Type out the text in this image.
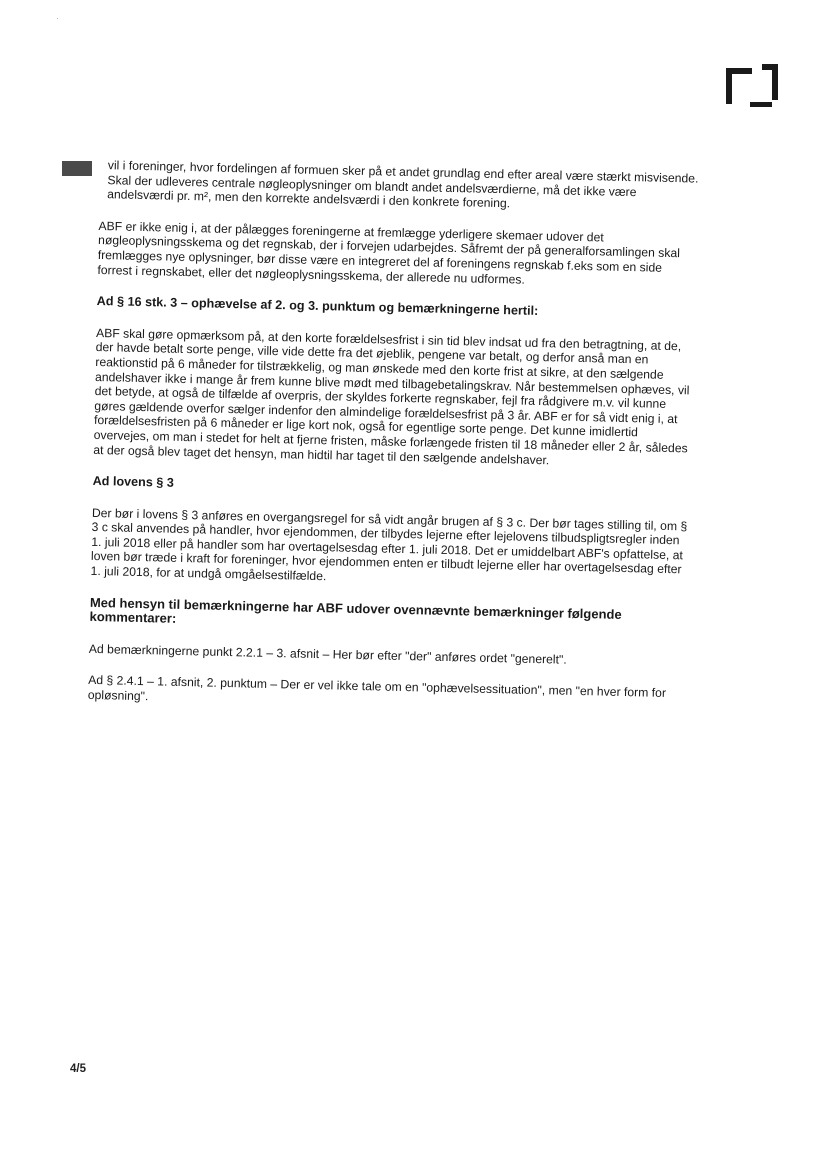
vil i foreninger, hvor fordelingen af formuen sker på et andet grundlag end efter areal være stærkt misvisende. Skal der udleveres centrale nøgleoplysninger om blandt andet andelsværdierne, må det ikke være andelsværdi pr. m², men den korrekte andelsværdi i den konkrete forening.

ABF er ikke enig i, at der pålægges foreningerne at fremlægge yderligere skemaer udover det nøgleoplysningsskema og det regnskab, der i forvejen udarbejdes. Såfremt der på generalforsamlingen skal fremlægges nye oplysninger, bør disse være en integreret del af foreningens regnskab f.eks som en side forrest i regnskabet, eller det nøgleoplysningsskema, der allerede nu udformes.

Ad § 16 stk. 3 – ophævelse af 2. og 3. punktum og bemærkningerne hertil:

ABF skal gøre opmærksom på, at den korte forældelsesfrist i sin tid blev indsat ud fra den betragtning, at de, der havde betalt sorte penge, ville vide dette fra det øjeblik, pengene var betalt, og derfor anså man en reaktionstid på 6 måneder for tilstrækkelig, og man ønskede med den korte frist at sikre, at den sælgende andelshaver ikke i mange år frem kunne blive mødt med tilbagebetalingskrav. Når bestemmelsen ophæves, vil det betyde, at også de tilfælde af overpris, der skyldes forkerte regnskaber, fejl fra rådgivere m.v. vil kunne gøres gældende overfor sælger indenfor den almindelige forældelsesfrist på 3 år. ABF er for så vidt enig i, at forældelsesfristen på 6 måneder er lige kort nok, også for egentlige sorte penge. Det kunne imidlertid overvejes, om man i stedet for helt at fjerne fristen, måske forlængede fristen til 18 måneder eller 2 år, således at der også blev taget det hensyn, man hidtil har taget til den sælgende andelshaver.

Ad lovens § 3

Der bør i lovens § 3 anføres en overgangsregel for så vidt angår brugen af § 3 c. Der bør tages stilling til, om § 3 c skal anvendes på handler, hvor ejendommen, der tilbydes lejerne efter lejelovens tilbudspligtsregler inden 1. juli 2018 eller på handler som har overtagelsesdag efter 1. juli 2018. Det er umiddelbart ABF's opfattelse, at loven bør træde i kraft for foreninger, hvor ejendommen enten er tilbudt lejerne eller har overtagelsesdag efter 1. juli 2018, for at undgå omgåelsestilfælde.

Med hensyn til bemærkningerne har ABF udover ovennævnte bemærkninger følgende kommentarer:

Ad bemærkningerne punkt 2.2.1 – 3. afsnit – Her bør efter "der" anføres ordet "generelt".

Ad § 2.4.1 – 1. afsnit, 2. punktum – Der er vel ikke tale om en "ophævelsessituation", men "en hver form for opløsning".

4/5
